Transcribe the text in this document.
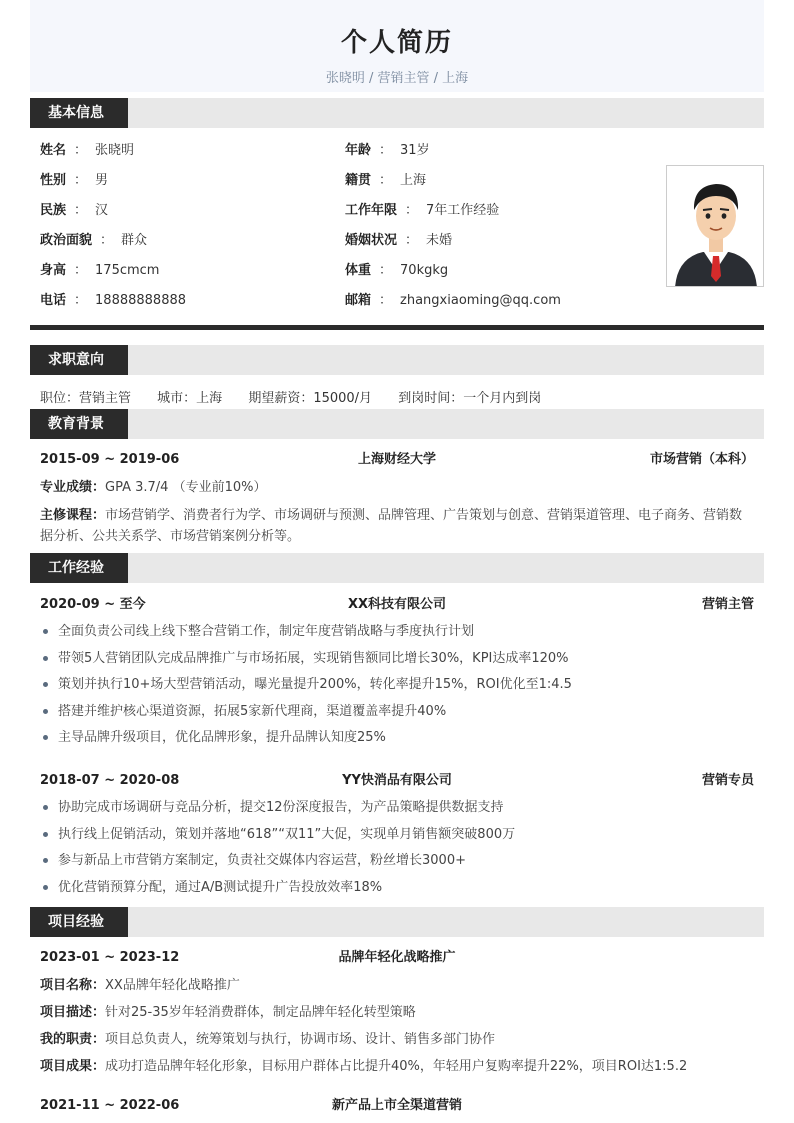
个人简历
张晓明 / 营销主管 / 上海
基本信息
姓名 ： 张晓明
性别 ： 男
民族 ： 汉
政治面貌 ： 群众
身高 ： 175cmcm
电话 ： 18888888888
年龄 ： 31岁
籍贯 ： 上海
工作年限 ： 7年工作经验
婚姻状况 ： 未婚
体重 ： 70kgkg
邮箱 ： zhangxiaoming@qq.com
求职意向
职位：营销主管 城市：上海 期望薪资：15000/月 到岗时间：一个月内到岗
教育背景
2015-09 ~ 2019-06	上海财经大学	市场营销（本科）
专业成绩：GPA 3.7/4 （专业前10%）
主修课程：市场营销学、消费者行为学、市场调研与预测、品牌管理、广告策划与创意、营销渠道管理、电子商务、营销数据分析、公共关系学、市场营销案例分析等。
工作经验
2020-09 ~ 至今	XX科技有限公司	营销主管
全面负责公司线上线下整合营销工作，制定年度营销战略与季度执行计划
带领5人营销团队完成品牌推广与市场拓展，实现销售额同比增长30%，KPI达成率120%
策划并执行10+场大型营销活动，曝光量提升200%，转化率提升15%，ROI优化至1:4.5
搭建并维护核心渠道资源，拓展5家新代理商，渠道覆盖率提升40%
主导品牌升级项目，优化品牌形象，提升品牌认知度25%
2018-07 ~ 2020-08	YY快消品有限公司	营销专员
协助完成市场调研与竞品分析，提交12份深度报告，为产品策略提供数据支持
执行线上促销活动，策划并落地“618”“双11”大促，实现单月销售额突破800万
参与新品上市营销方案制定，负责社交媒体内容运营，粉丝增长3000+
优化营销预算分配，通过A/B测试提升广告投放效率18%
项目经验
2023-01 ~ 2023-12	品牌年轻化战略推广
项目名称：XX品牌年轻化战略推广
项目描述：针对25-35岁年轻消费群体，制定品牌年轻化转型策略
我的职责：项目总负责人，统筹策划与执行，协调市场、设计、销售多部门协作
项目成果：成功打造品牌年轻化形象，目标用户群体占比提升40%，年轻用户复购率提升22%，项目ROI达1:5.2
2021-11 ~ 2022-06	新产品上市全渠道营销
